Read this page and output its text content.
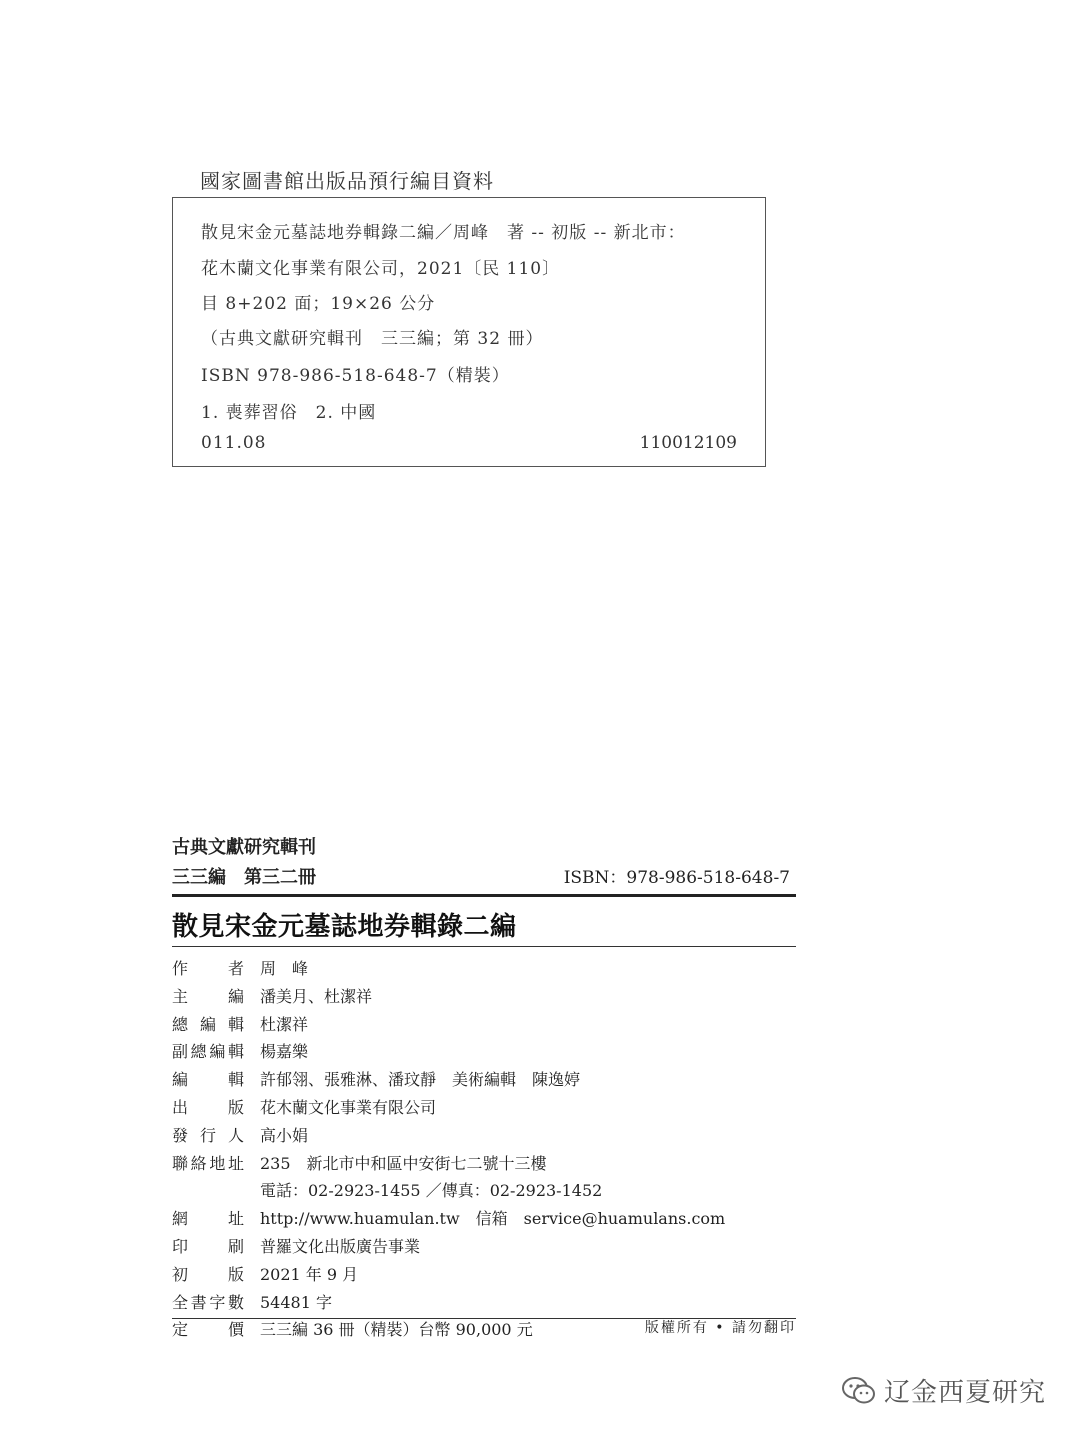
國家圖書館出版品預行編目資料
散見宋金元墓誌地券輯錄二編／周峰　著 -- 初版 -- 新北市：
花木蘭文化事業有限公司，2021〔民 110〕
目 8+202 面；19×26 公分
（古典文獻研究輯刊　三三編；第 32 冊）
ISBN 978-986-518-648-7（精裝）
1. 喪葬習俗　2. 中國
011.08	110012109
古典文獻研究輯刊
三三編　第三二冊	ISBN：978-986-518-648-7
散見宋金元墓誌地券輯錄二編
作 者 周　峰
主 編 潘美月、杜潔祥
總 編 輯 杜潔祥
副 總 編 輯 楊嘉樂
編 輯 許郁翎、張雅淋、潘玟靜　美術編輯　陳逸婷
出 版 花木蘭文化事業有限公司
發 行 人 高小娟
聯 絡 地 址 235　新北市中和區中安街七二號十三樓
電話：02-2923-1455 ／傳真：02-2923-1452
網 址 http://www.huamulan.tw　信箱　service@huamulans.com
印 刷 普羅文化出版廣告事業
初 版 2021 年 9 月
全 書 字 數 54481 字
定 價 三三編 36 冊（精裝）台幣 90,000 元	版權所有 • 請勿翻印
辽金西夏研究
